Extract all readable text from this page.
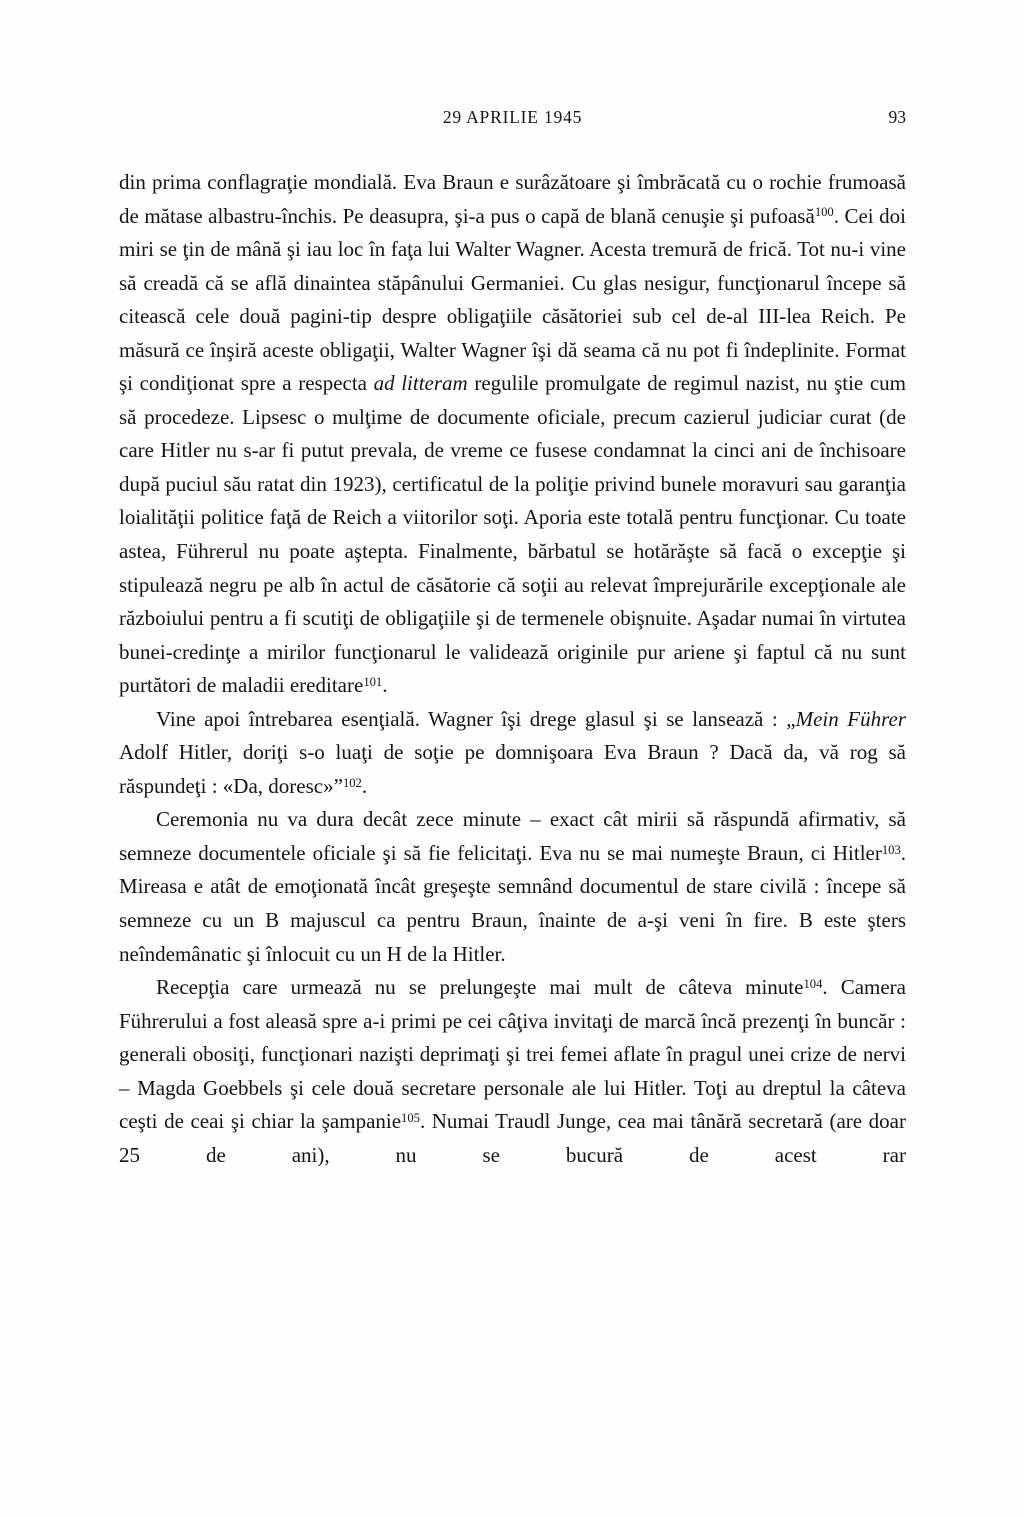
29 APRILIE 1945	93

din prima conflagraţie mondială. Eva Braun e surâzătoare şi îmbrăcată cu o rochie frumoasă de mătase albastru-închis. Pe deasupra, şi-a pus o capă de blană cenuşie şi pufoasă$^{100}$. Cei doi miri se ţin de mână şi iau loc în faţa lui Walter Wagner. Acesta tremură de frică. Tot nu-i vine să creadă că se află dinaintea stăpânului Germaniei. Cu glas nesigur, funcţionarul începe să citească cele două pagini-tip despre obligaţiile căsătoriei sub cel de-al III-lea Reich. Pe măsură ce înşiră aceste obligaţii, Walter Wagner îşi dă seama că nu pot fi îndeplinite. Format şi condiţionat spre a respecta ad litteram regulile promulgate de regimul nazist, nu ştie cum să procedeze. Lipsesc o mulţime de documente oficiale, precum cazierul judiciar curat (de care Hitler nu s-ar fi putut prevala, de vreme ce fusese condamnat la cinci ani de închisoare după puciul său ratat din 1923), certificatul de la poliţie privind bunele moravuri sau garanţia loialităţii politice faţă de Reich a viitorilor soţi. Aporia este totală pentru funcţionar. Cu toate astea, Führerul nu poate aştepta. Finalmente, bărbatul se hotărăşte să facă o excepţie şi stipulează negru pe alb în actul de căsătorie că soţii au relevat împrejurările excepţionale ale războiului pentru a fi scutiţi de obligaţiile şi de termenele obişnuite. Aşadar numai în virtutea bunei-credinţe a mirilor funcţionarul le validează originile pur ariene şi faptul că nu sunt purtători de maladii ereditare$^{101}$.

Vine apoi întrebarea esenţială. Wagner îşi drege glasul şi se lansează : „Mein Führer Adolf Hitler, doriţi s-o luaţi de soţie pe domnişoara Eva Braun ? Dacă da, vă rog să răspundeţi : «Da, doresc»”$^{102}$.

Ceremonia nu va dura decât zece minute – exact cât mirii să răspundă afirmativ, să semneze documentele oficiale şi să fie felicitaţi. Eva nu se mai numeşte Braun, ci Hitler$^{103}$. Mireasa e atât de emoţionată încât greşeşte semnând documentul de stare civilă : începe să semneze cu un B majuscul ca pentru Braun, înainte de a-şi veni în fire. B este şters neîndemânatic şi înlocuit cu un H de la Hitler.

Recepţia care urmează nu se prelungeşte mai mult de câteva minute$^{104}$. Camera Führerului a fost aleasă spre a-i primi pe cei câţiva invitaţi de marcă încă prezenţi în buncăr : generali obosiţi, funcţionari nazişti deprimaţi şi trei femei aflate în pragul unei crize de nervi – Magda Goebbels şi cele două secretare personale ale lui Hitler. Toţi au dreptul la câteva ceşti de ceai şi chiar la şampanie$^{105}$. Numai Traudl Junge, cea mai tânără secretară (are doar 25 de ani), nu se bucură de acest rar
